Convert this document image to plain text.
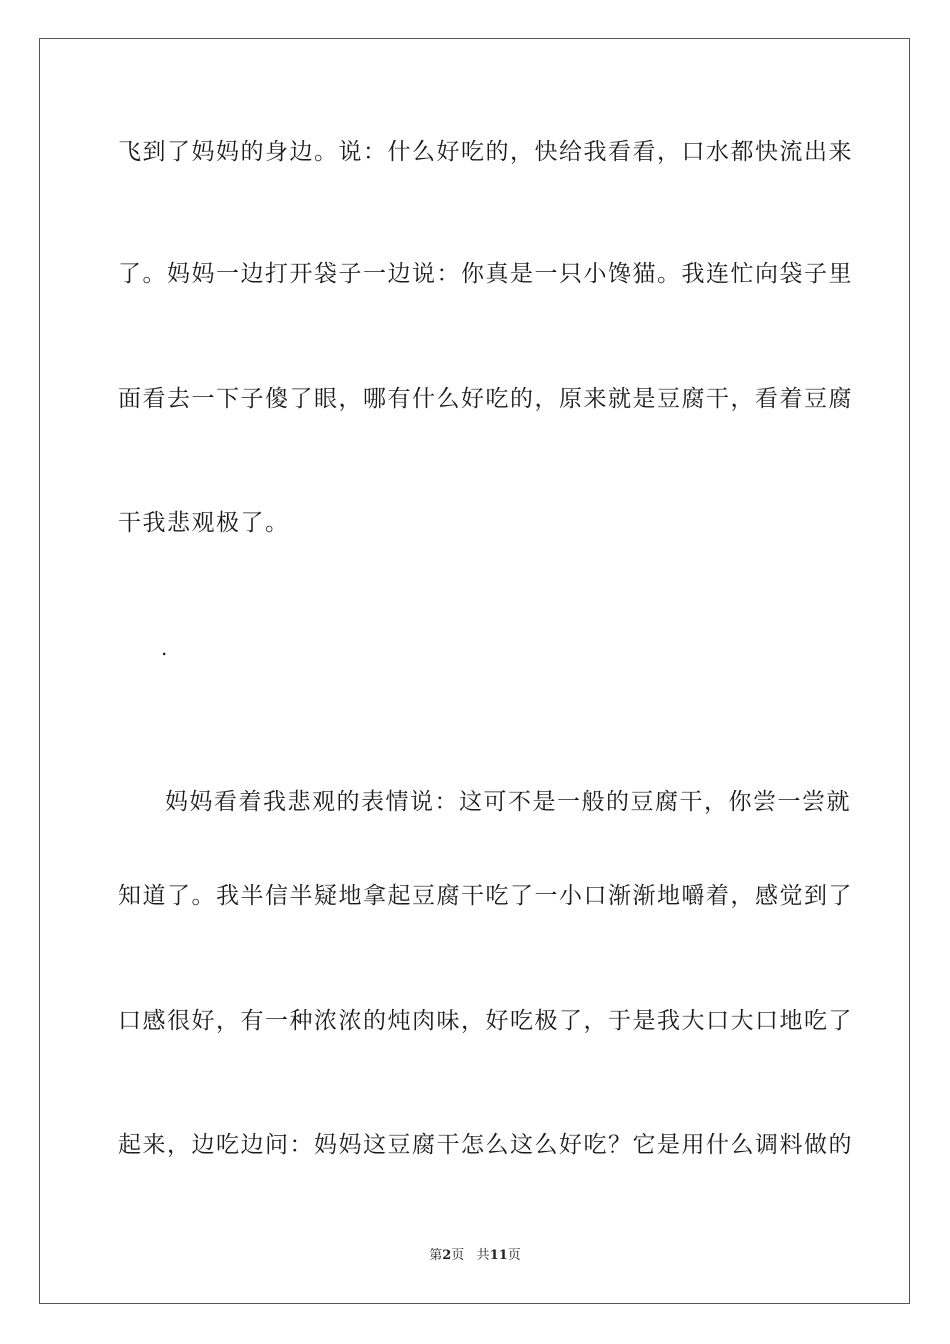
飞到了妈妈的身边。说：什么好吃的，快给我看看，口水都快流出来
了。妈妈一边打开袋子一边说：你真是一只小馋猫。我连忙向袋子里
面看去一下子傻了眼，哪有什么好吃的，原来就是豆腐干，看着豆腐
干我悲观极了。
.
妈妈看着我悲观的表情说：这可不是一般的豆腐干，你尝一尝就
知道了。我半信半疑地拿起豆腐干吃了一小口渐渐地嚼着，感觉到了
口感很好，有一种浓浓的炖肉味，好吃极了，于是我大口大口地吃了
起来，边吃边问：妈妈这豆腐干怎么这么好吃？它是用什么调料做的
第2页 共11页
